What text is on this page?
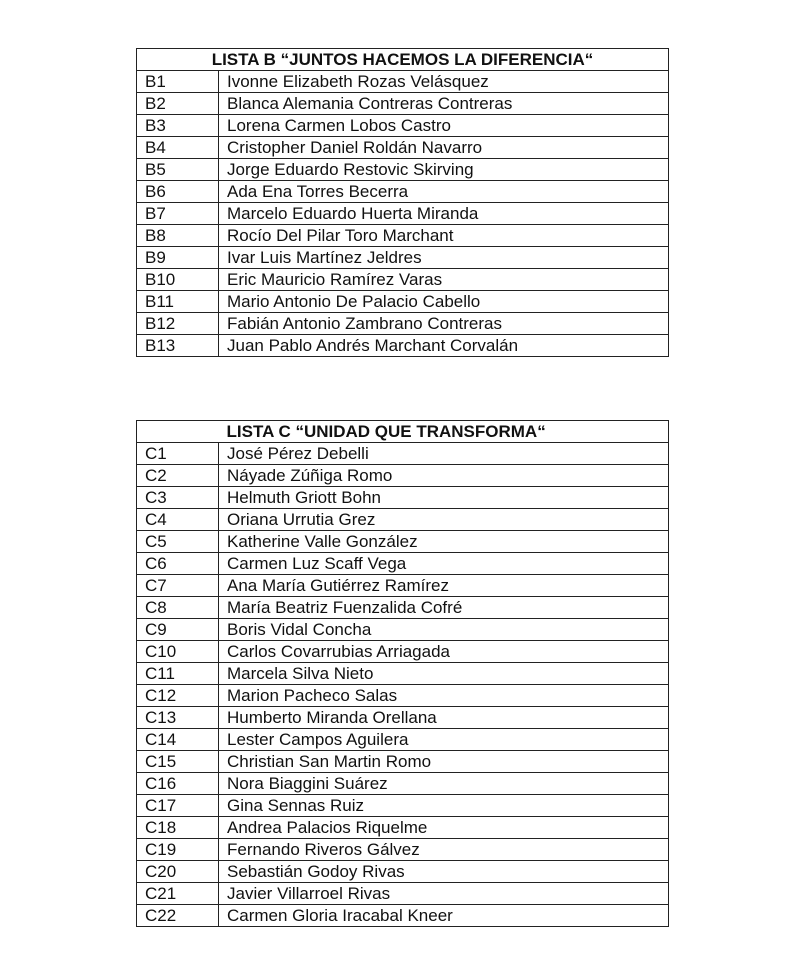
LISTA B “JUNTOS HACEMOS LA DIFERENCIA“	
B1	Ivonne Elizabeth Rozas Velásquez
B2	Blanca Alemania Contreras Contreras
B3	Lorena Carmen Lobos Castro
B4	Cristopher Daniel Roldán Navarro
B5	Jorge Eduardo Restovic Skirving
B6	Ada Ena Torres Becerra
B7	Marcelo Eduardo Huerta Miranda
B8	Rocío Del Pilar Toro Marchant
B9	Ivar Luis Martínez Jeldres
B10	Eric Mauricio Ramírez Varas
B11	Mario Antonio De Palacio Cabello
B12	Fabián Antonio Zambrano Contreras
B13	Juan Pablo Andrés Marchant Corvalán
	LISTA C “UNIDAD QUE TRANSFORMA“
C1	José Pérez Debelli
C2	Náyade Zúñiga Romo
C3	Helmuth Griott Bohn
C4	Oriana Urrutia Grez
C5	Katherine Valle González
C6	Carmen Luz Scaff Vega
C7	Ana María Gutiérrez Ramírez
C8	María Beatriz Fuenzalida Cofré
C9	Boris Vidal Concha
C10	Carlos Covarrubias Arriagada
C11	Marcela Silva Nieto
C12	Marion Pacheco Salas
C13	Humberto Miranda Orellana
C14	Lester Campos Aguilera
C15	Christian San Martin Romo
C16	Nora Biaggini Suárez
C17	Gina Sennas Ruiz
C18	Andrea Palacios Riquelme
C19	Fernando Riveros Gálvez
C20	Sebastián Godoy Rivas
C21	Javier Villarroel Rivas
C22	Carmen Gloria Iracabal Kneer
